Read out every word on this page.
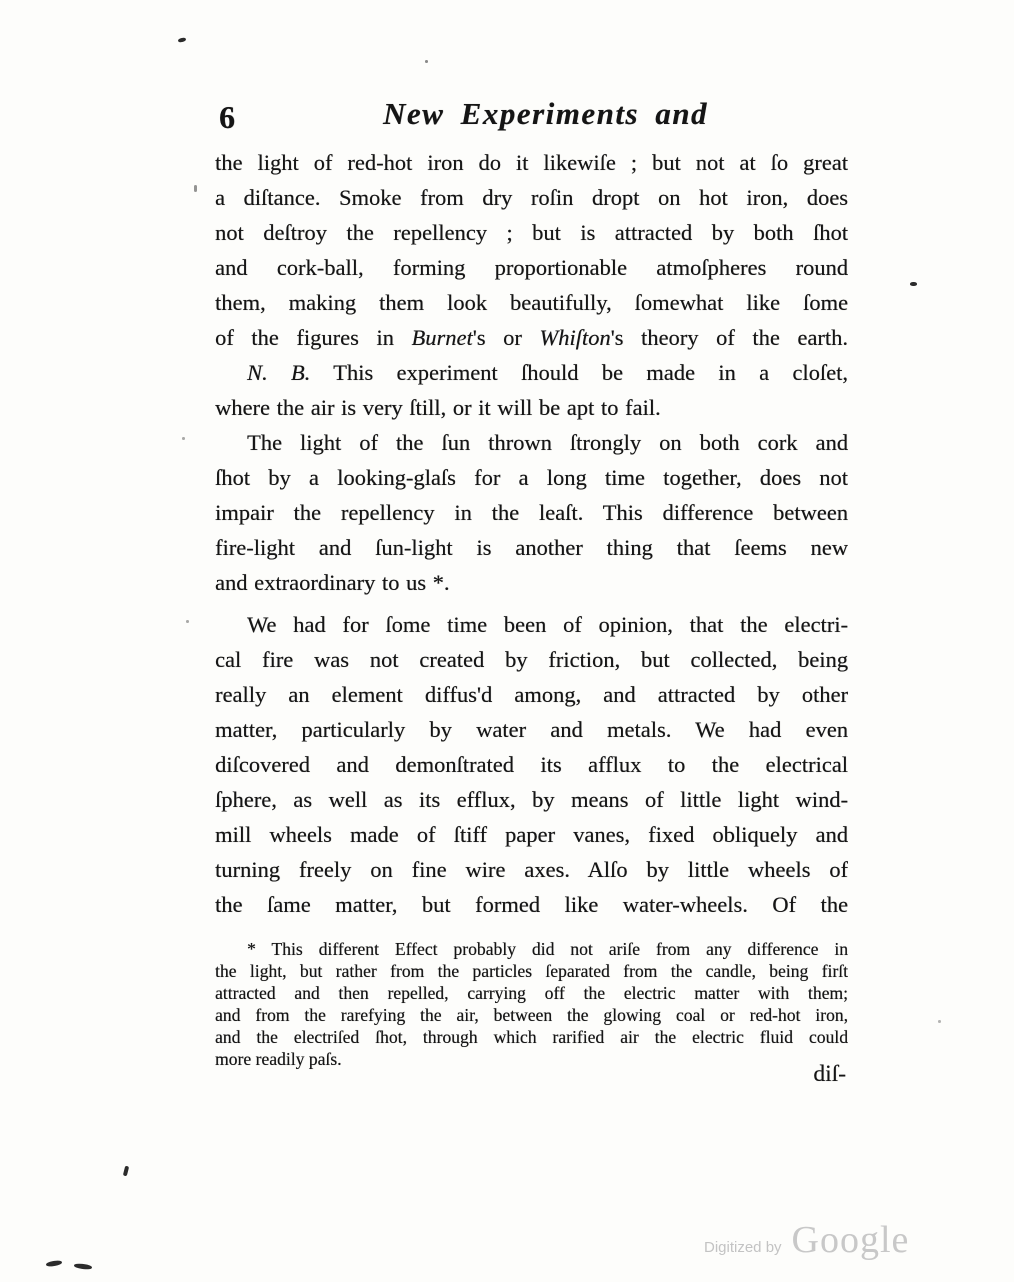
6	New Experiments and
the light of red-hot iron do it likewiſe ; but not at ſo great
a diſtance. Smoke from dry roſin dropt on hot iron, does
not deſtroy the repellency ; but is attracted by both ſhot
and cork-ball, forming proportionable atmoſpheres round
them, making them look beautifully, ſomewhat like ſome
of the figures in Burnet's or Whiſton's theory of the earth.
N. B. This experiment ſhould be made in a cloſet,
where the air is very ſtill, or it will be apt to fail.
The light of the ſun thrown ſtrongly on both cork and
ſhot by a looking-glaſs for a long time together, does not
impair the repellency in the leaſt. This difference between
fire-light and ſun-light is another thing that ſeems new
and extraordinary to us *.
We had for ſome time been of opinion, that the electri-
cal fire was not created by friction, but collected, being
really an element diffus'd among, and attracted by other
matter, particularly by water and metals. We had even
diſcovered and demonſtrated its afflux to the electrical
ſphere, as well as its efflux, by means of little light wind-
mill wheels made of ſtiff paper vanes, fixed obliquely and
turning freely on fine wire axes. Alſo by little wheels of
the ſame matter, but formed like water-wheels. Of the
* This different Effect probably did not ariſe from any difference in
the light, but rather from the particles ſeparated from the candle, being firſt
attracted and then repelled, carrying off the electric matter with them;
and from the rarefying the air, between the glowing coal or red-hot iron,
and the electriſed ſhot, through which rarified air the electric fluid could
more readily paſs.
diſ-
Digitized by Google
